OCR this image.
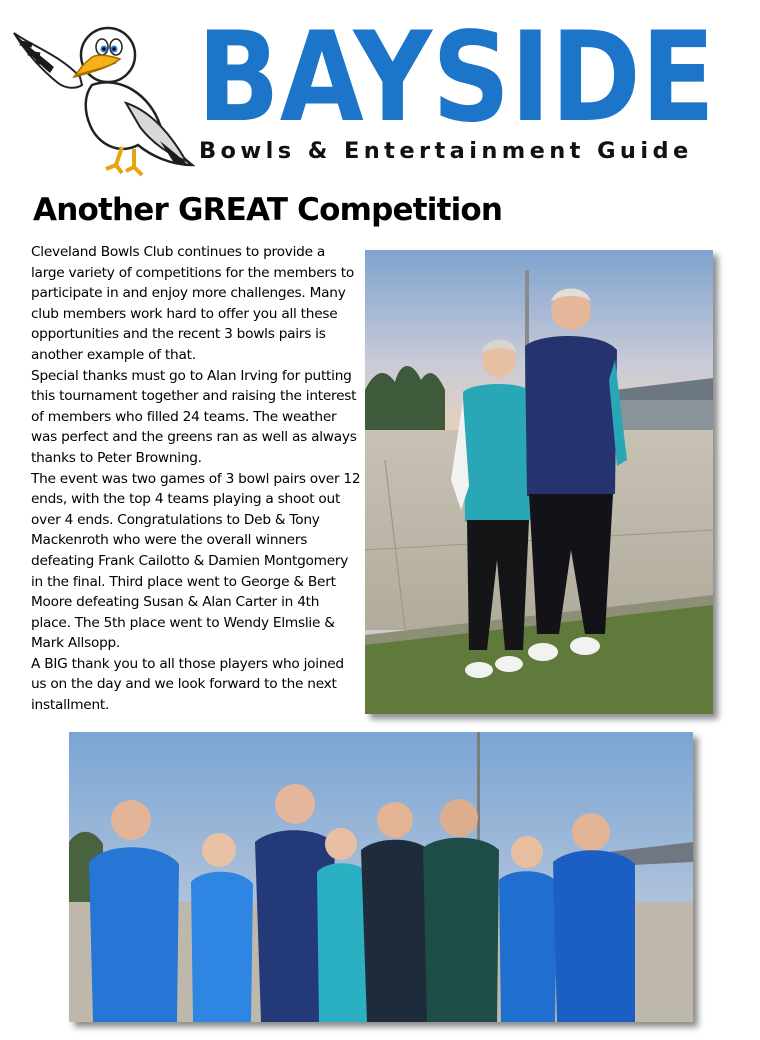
BAYSIDE
Bowls & Entertainment Guide
Another GREAT Competition

Cleveland Bowls Club continues to provide a large variety of competitions for the members to participate in and enjoy more challenges. Many club members work hard to offer you all these opportunities and the recent 3 bowls pairs is another example of that.

Special thanks must go to Alan Irving for putting this tournament together and raising the interest of members who filled 24 teams. The weather was perfect and the greens ran as well as always thanks to Peter Browning.

The event was two games of 3 bowl pairs over 12 ends, with the top 4 teams playing a shoot out over 4 ends. Congratulations to Deb & Tony Mackenroth who were the overall winners defeating Frank Cailotto & Damien Montgomery in the final. Third place went to George & Bert Moore defeating Susan & Alan Carter in 4th place. The 5th place went to Wendy Elmslie & Mark Allsopp.

A BIG thank you to all those players who joined us on the day and we look forward to the next installment.
